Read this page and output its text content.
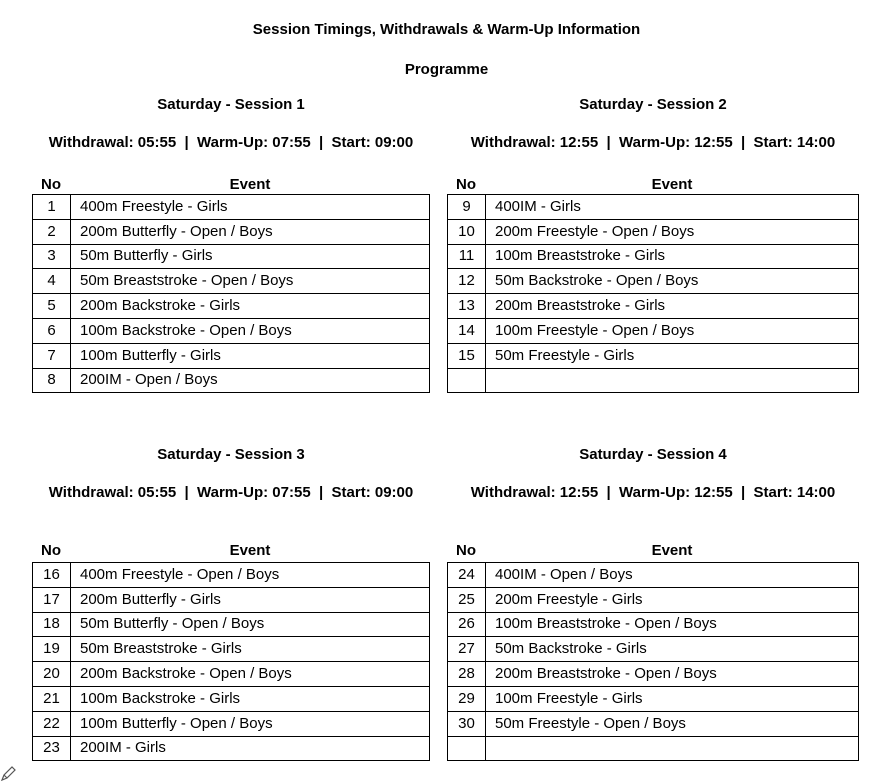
Session Timings, Withdrawals & Warm-Up Information
Programme
Saturday - Session 1
Withdrawal: 05:55  |  Warm-Up: 07:55  |  Start: 09:00
No	Event
1	400m Freestyle - Girls
2	200m Butterfly - Open / Boys
3	50m Butterfly - Girls
4	50m Breaststroke - Open / Boys
5	200m Backstroke - Girls
6	100m Backstroke - Open / Boys
7	100m Butterfly - Girls
8	200IM - Open / Boys
Saturday - Session 2
Withdrawal: 12:55  |  Warm-Up: 12:55  |  Start: 14:00
No	Event
9	400IM - Girls
10	200m Freestyle - Open / Boys
11	100m Breaststroke - Girls
12	50m Backstroke - Open / Boys
13	200m Breaststroke - Girls
14	100m Freestyle - Open / Boys
15	50m Freestyle - Girls

Saturday - Session 3
Withdrawal: 05:55  |  Warm-Up: 07:55  |  Start: 09:00
No	Event
16	400m Freestyle - Open / Boys
17	200m Butterfly - Girls
18	50m Butterfly - Open / Boys
19	50m Breaststroke - Girls
20	200m Backstroke - Open / Boys
21	100m Backstroke - Girls
22	100m Butterfly - Open / Boys
23	200IM - Girls
Saturday - Session 4
Withdrawal: 12:55  |  Warm-Up: 12:55  |  Start: 14:00
No	Event
24	400IM - Open / Boys
25	200m Freestyle - Girls
26	100m Breaststroke - Open / Boys
27	50m Backstroke - Girls
28	200m Breaststroke - Open / Boys
29	100m Freestyle - Girls
30	50m Freestyle - Open / Boys
